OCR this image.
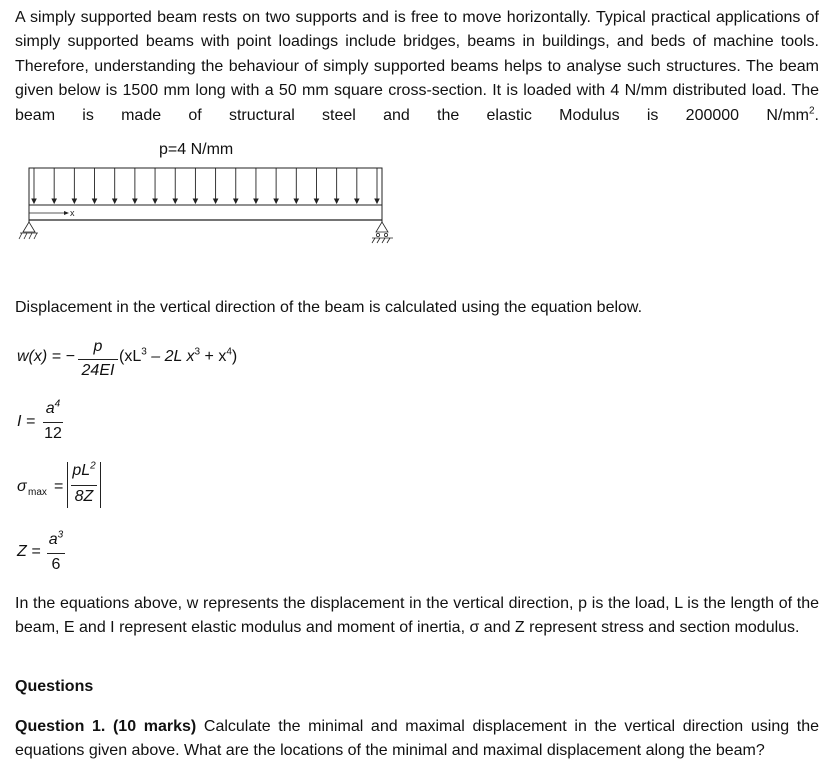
A simply supported beam rests on two supports and is free to move horizontally. Typical practical applications of simply supported beams with point loadings include bridges, beams in buildings, and beds of machine tools. Therefore, understanding the behaviour of simply supported beams helps to analyse such structures. The beam given below is 1500 mm long with a 50 mm square cross-section. It is loaded with 4 N/mm distributed load. The beam is made of structural steel and the elastic Modulus is 200000 $N/mm^2$.
p=4 N/mm
x
Displacement in the vertical direction of the beam is calculated using the equation below.
w(x) = −
p
24EI
($xL^3 - 2L$ $x^3 + x^4$)
I =
$a^4$
12
σ max =
$pL^2$
8Z
Z =
$a^3$
6
In the equations above, w represents the displacement in the vertical direction, p is the load, L is the length of the beam, E and I represent elastic modulus and moment of inertia, σ and Z represent stress and section modulus.
Questions
Question 1. (10 marks) Calculate the minimal and maximal displacement in the vertical direction using the equations given above. What are the locations of the minimal and maximal displacement along the beam?
